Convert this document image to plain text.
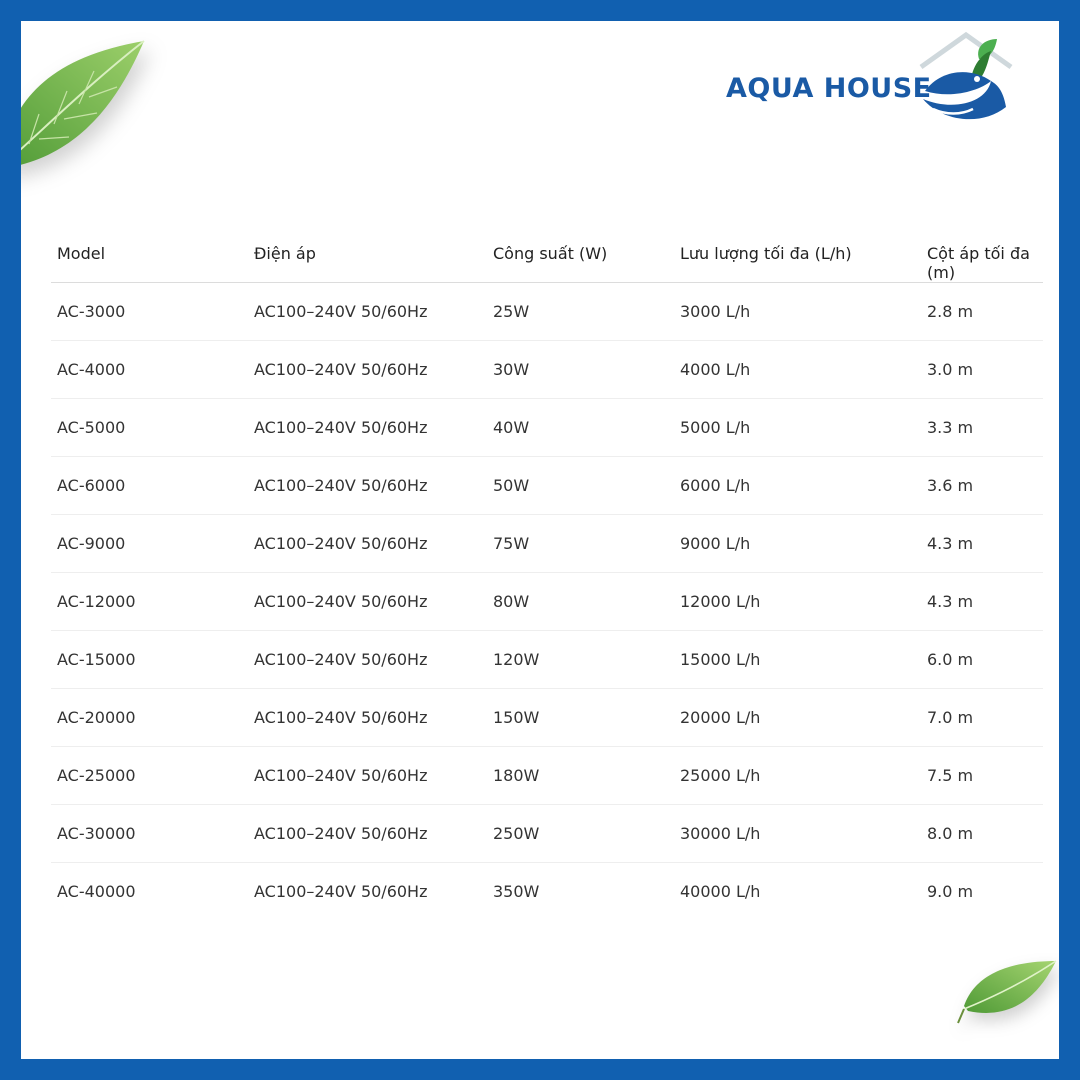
AQUA HOUSE
Model	Điện áp	Công suất (W)	Lưu lượng tối đa (L/h)	Cột áp tối đa (m)
AC-3000	AC100–240V 50/60Hz	25W	3000 L/h	2.8 m
AC-4000	AC100–240V 50/60Hz	30W	4000 L/h	3.0 m
AC-5000	AC100–240V 50/60Hz	40W	5000 L/h	3.3 m
AC-6000	AC100–240V 50/60Hz	50W	6000 L/h	3.6 m
AC-9000	AC100–240V 50/60Hz	75W	9000 L/h	4.3 m
AC-12000	AC100–240V 50/60Hz	80W	12000 L/h	4.3 m
AC-15000	AC100–240V 50/60Hz	120W	15000 L/h	6.0 m
AC-20000	AC100–240V 50/60Hz	150W	20000 L/h	7.0 m
AC-25000	AC100–240V 50/60Hz	180W	25000 L/h	7.5 m
AC-30000	AC100–240V 50/60Hz	250W	30000 L/h	8.0 m
AC-40000	AC100–240V 50/60Hz	350W	40000 L/h	9.0 m
